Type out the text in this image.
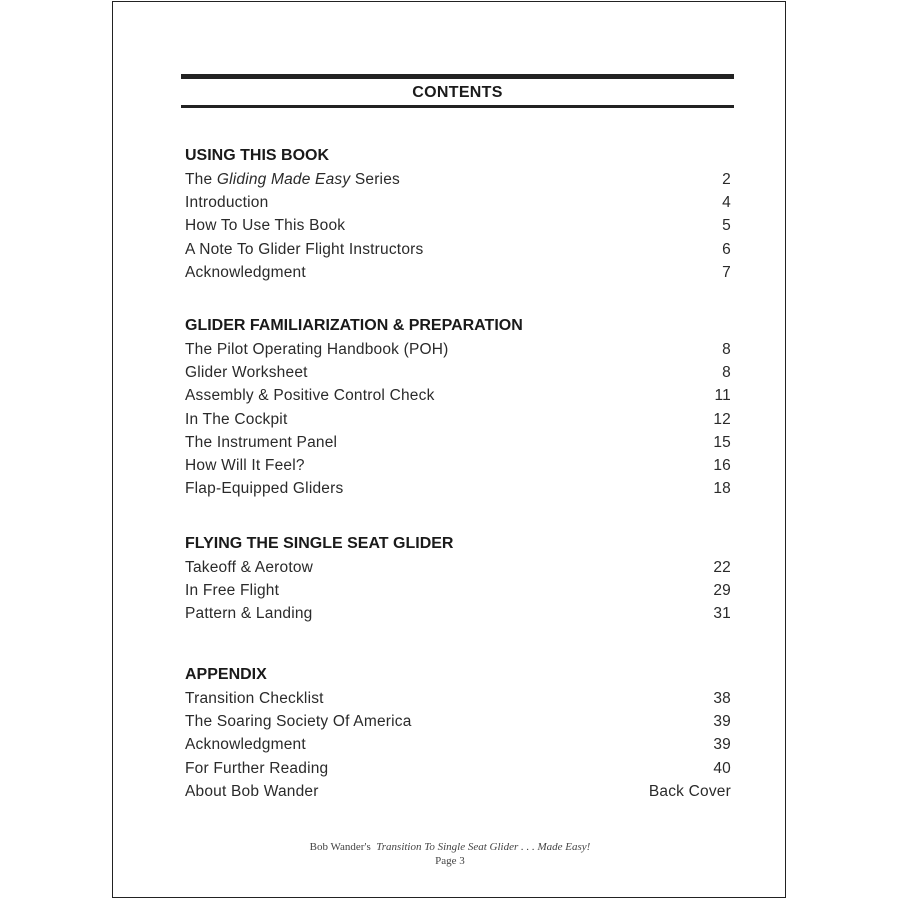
CONTENTS
USING THIS BOOK
The Gliding Made Easy Series	2
Introduction	4
How To Use This Book	5
A Note To Glider Flight Instructors	6
Acknowledgment	7
GLIDER FAMILIARIZATION & PREPARATION
The Pilot Operating Handbook (POH)	8
Glider Worksheet	8
Assembly & Positive Control Check	11
In The Cockpit	12
The Instrument Panel	15
How Will It Feel?	16
Flap-Equipped Gliders	18
FLYING THE SINGLE SEAT GLIDER
Takeoff & Aerotow	22
In Free Flight	29
Pattern & Landing	31
APPENDIX
Transition Checklist	38
The Soaring Society Of America	39
Acknowledgment	39
For Further Reading	40
About Bob Wander	Back Cover
Bob Wander's Transition To Single Seat Glider . . . Made Easy!
Page 3
